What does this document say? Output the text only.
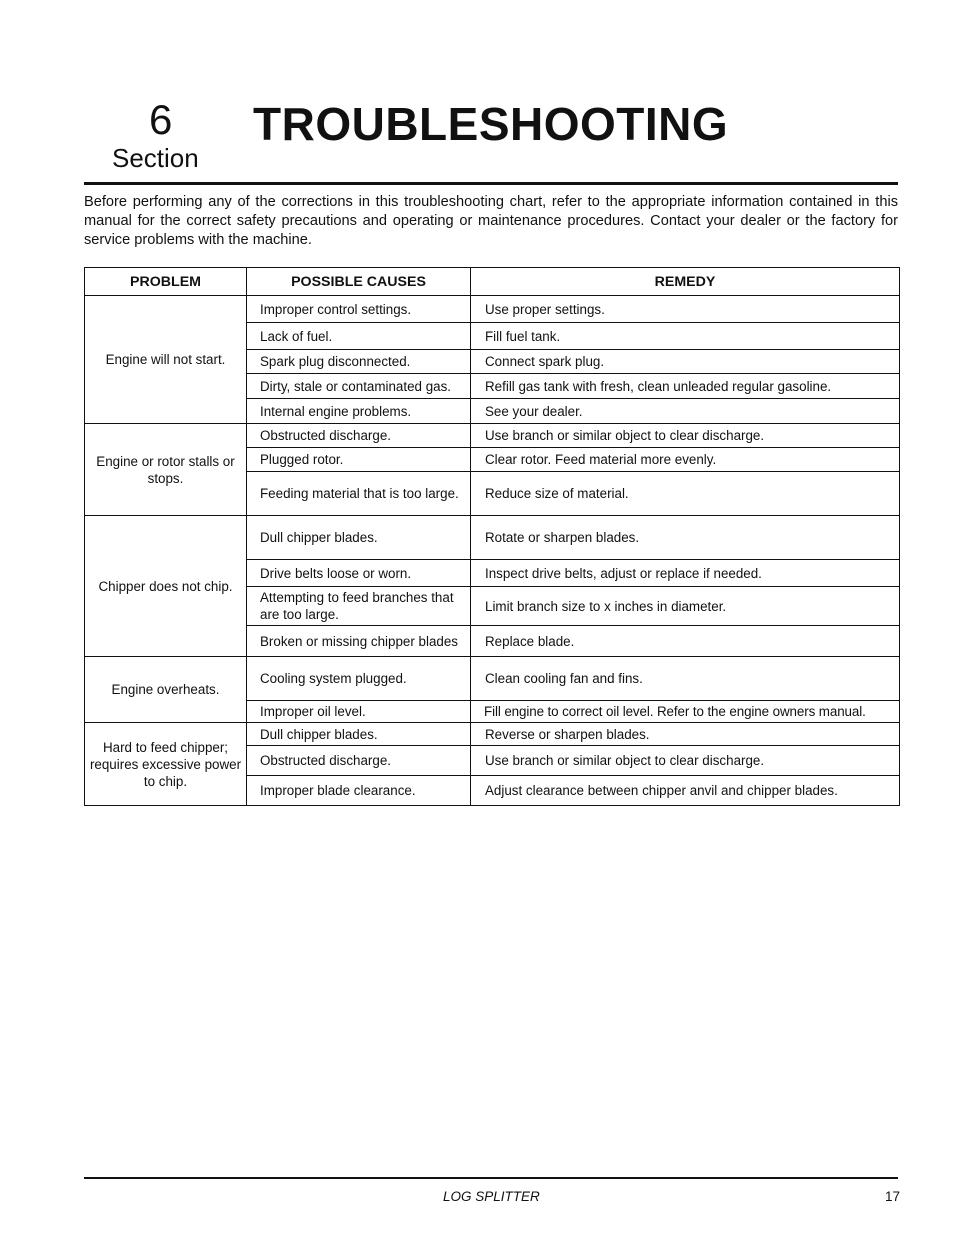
6
Section
TROUBLESHOOTING

Before performing any of the corrections in this troubleshooting chart, refer to the appropriate information contained in this manual for the correct safety precautions and operating or maintenance procedures. Contact your dealer or the factory for service problems with the machine.

PROBLEM	POSSIBLE CAUSES	REMEDY
Engine will not start.	Improper control settings.	Use proper settings.
	Lack of fuel.	Fill fuel tank.
	Spark plug disconnected.	Connect spark plug.
	Dirty, stale or contaminated gas.	Refill gas tank with fresh, clean unleaded regular gasoline.
	Internal engine problems.	See your dealer.
Engine or rotor stalls or stops.	Obstructed discharge.	Use branch or similar object to clear discharge.
	Plugged rotor.	Clear rotor. Feed material more evenly.
	Feeding material that is too large.	Reduce size of material.
Chipper does not chip.	Dull chipper blades.	Rotate or sharpen blades.
	Drive belts loose or worn.	Inspect drive belts, adjust or replace if needed.
	Attempting to feed branches that are too large.	Limit branch size to x inches in diameter.
	Broken or missing chipper blades	Replace blade.
Engine overheats.	Cooling system plugged.	Clean cooling fan and fins.
	Improper oil level.	Fill engine to correct oil level. Refer to the engine owners manual.
Hard to feed chipper; requires excessive power to chip.	Dull chipper blades.	Reverse or sharpen blades.
	Obstructed discharge.	Use branch or similar object to clear discharge.
	Improper blade clearance.	Adjust clearance between chipper anvil and chipper blades.
LOG SPLITTER	17
